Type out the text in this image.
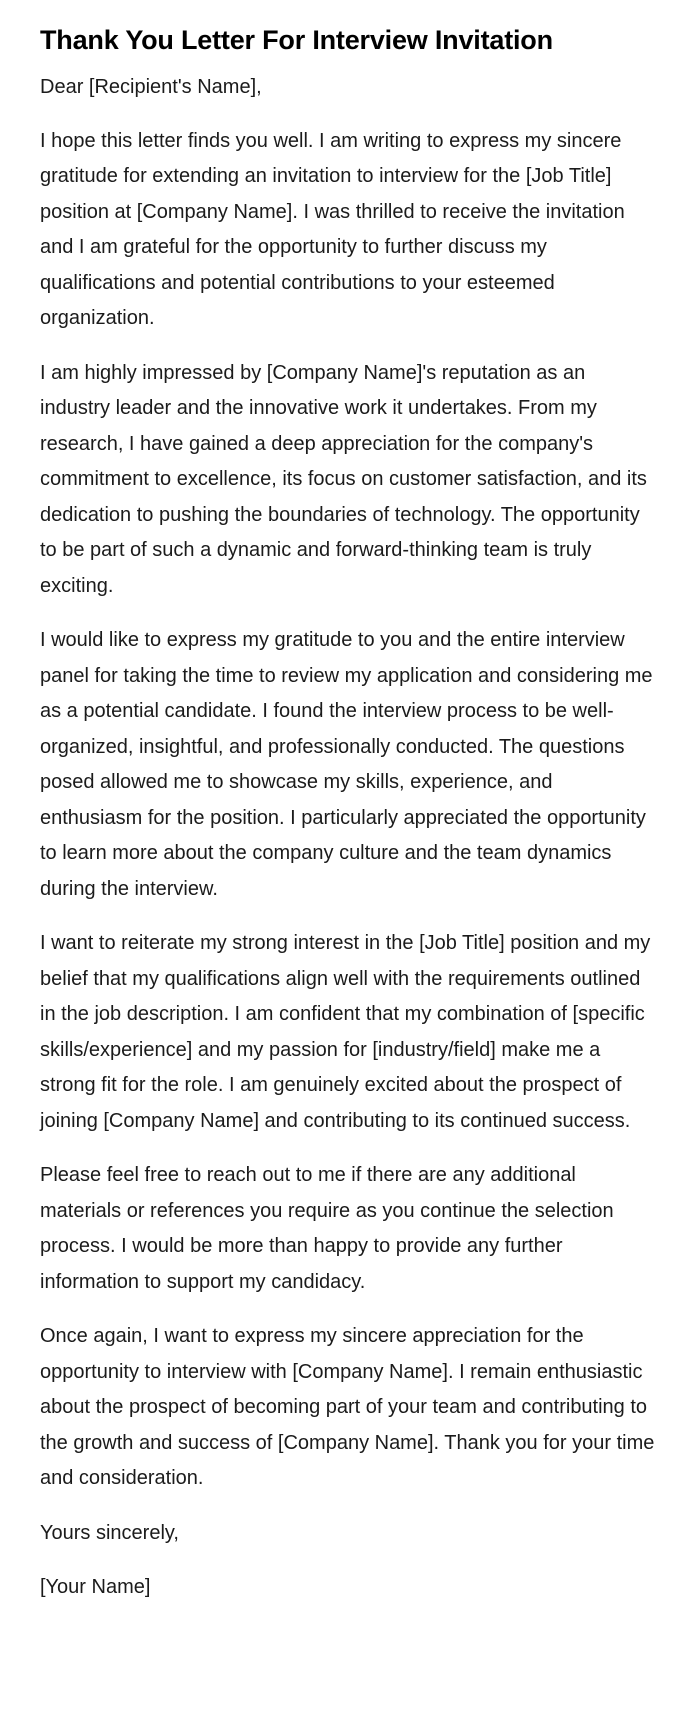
Thank You Letter For Interview Invitation

Dear [Recipient's Name],

I hope this letter finds you well. I am writing to express my sincere gratitude for extending an invitation to interview for the [Job Title] position at [Company Name]. I was thrilled to receive the invitation and I am grateful for the opportunity to further discuss my qualifications and potential contributions to your esteemed organization.

I am highly impressed by [Company Name]'s reputation as an industry leader and the innovative work it undertakes. From my research, I have gained a deep appreciation for the company's commitment to excellence, its focus on customer satisfaction, and its dedication to pushing the boundaries of technology. The opportunity to be part of such a dynamic and forward-thinking team is truly exciting.

I would like to express my gratitude to you and the entire interview panel for taking the time to review my application and considering me as a potential candidate. I found the interview process to be well-organized, insightful, and professionally conducted. The questions posed allowed me to showcase my skills, experience, and enthusiasm for the position. I particularly appreciated the opportunity to learn more about the company culture and the team dynamics during the interview.

I want to reiterate my strong interest in the [Job Title] position and my belief that my qualifications align well with the requirements outlined in the job description. I am confident that my combination of [specific skills/experience] and my passion for [industry/field] make me a strong fit for the role. I am genuinely excited about the prospect of joining [Company Name] and contributing to its continued success.

Please feel free to reach out to me if there are any additional materials or references you require as you continue the selection process. I would be more than happy to provide any further information to support my candidacy.

Once again, I want to express my sincere appreciation for the opportunity to interview with [Company Name]. I remain enthusiastic about the prospect of becoming part of your team and contributing to the growth and success of [Company Name]. Thank you for your time and consideration.

Yours sincerely,

[Your Name]
